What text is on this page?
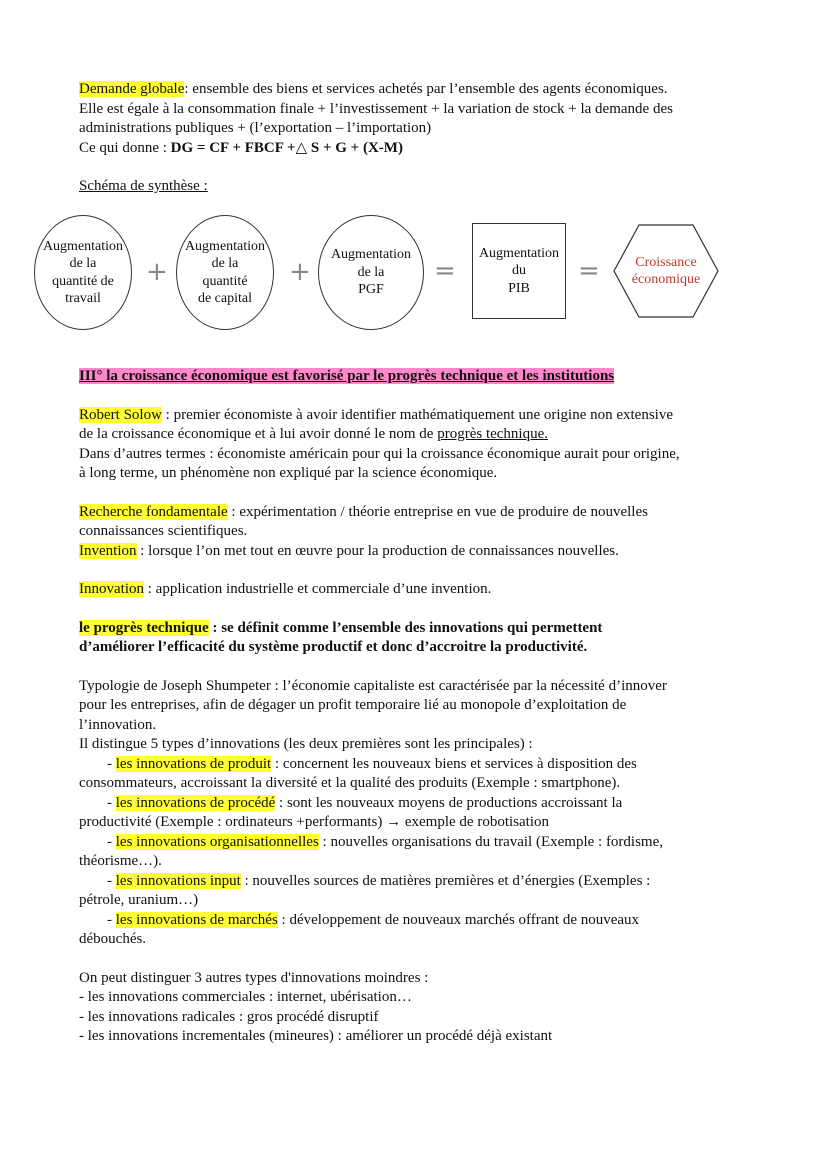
Demande globale: ensemble des biens et services achetés par l’ensemble des agents économiques.

Elle est égale à la consommation finale + l’investissement + la variation de stock + la demande des

administrations publiques + (l’exportation – l’importation)

Ce qui donne : DG = CF + FBCF +△ S + G + (X-M)

Schéma de synthèse :

Augmentation
de la
quantité de
travail
+
Augmentation
de la
quantité
de capital
+
Augmentation
de la
PGF
=
Augmentation
du
PIB
=	Croissance
économique

III° la croissance économique est favorisé par le progrès technique et les institutions

Robert Solow : premier économiste à avoir identifier mathématiquement une origine non extensive

de la croissance économique et à lui avoir donné le nom de progrès technique.

Dans d’autres termes : économiste américain pour qui la croissance économique aurait pour origine,

à long terme, un phénomène non expliqué par la science économique.

Recherche fondamentale : expérimentation / théorie entreprise en vue de produire de nouvelles

connaissances scientifiques.

Invention : lorsque l’on met tout en œuvre pour la production de connaissances nouvelles.

Innovation : application industrielle et commerciale d’une invention.

le progrès technique : se définit comme l’ensemble des innovations qui permettent

d’améliorer l’efficacité du système productif et donc d’accroitre la productivité.

Typologie de Joseph Shumpeter : l’économie capitaliste est caractérisée par la nécessité d’innover

pour les entreprises, afin de dégager un profit temporaire lié au monopole d’exploitation de

l’innovation.

Il distingue 5 types d’innovations (les deux premières sont les principales) :

- les innovations de produit : concernent les nouveaux biens et services à disposition des

consommateurs, accroissant la diversité et la qualité des produits (Exemple : smartphone).

- les innovations de procédé : sont les nouveaux moyens de productions accroissant la

productivité (Exemple : ordinateurs +performants) → exemple de robotisation

- les innovations organisationnelles : nouvelles organisations du travail (Exemple : fordisme,

théorisme…).

- les innovations input : nouvelles sources de matières premières et d’énergies (Exemples :

pétrole, uranium…)

- les innovations de marchés : développement de nouveaux marchés offrant de nouveaux

débouchés.

On peut distinguer 3 autres types d'innovations moindres :

- les innovations commerciales : internet, ubérisation…

- les innovations radicales : gros procédé disruptif

- les innovations incrementales (mineures) : améliorer un procédé déjà existant
